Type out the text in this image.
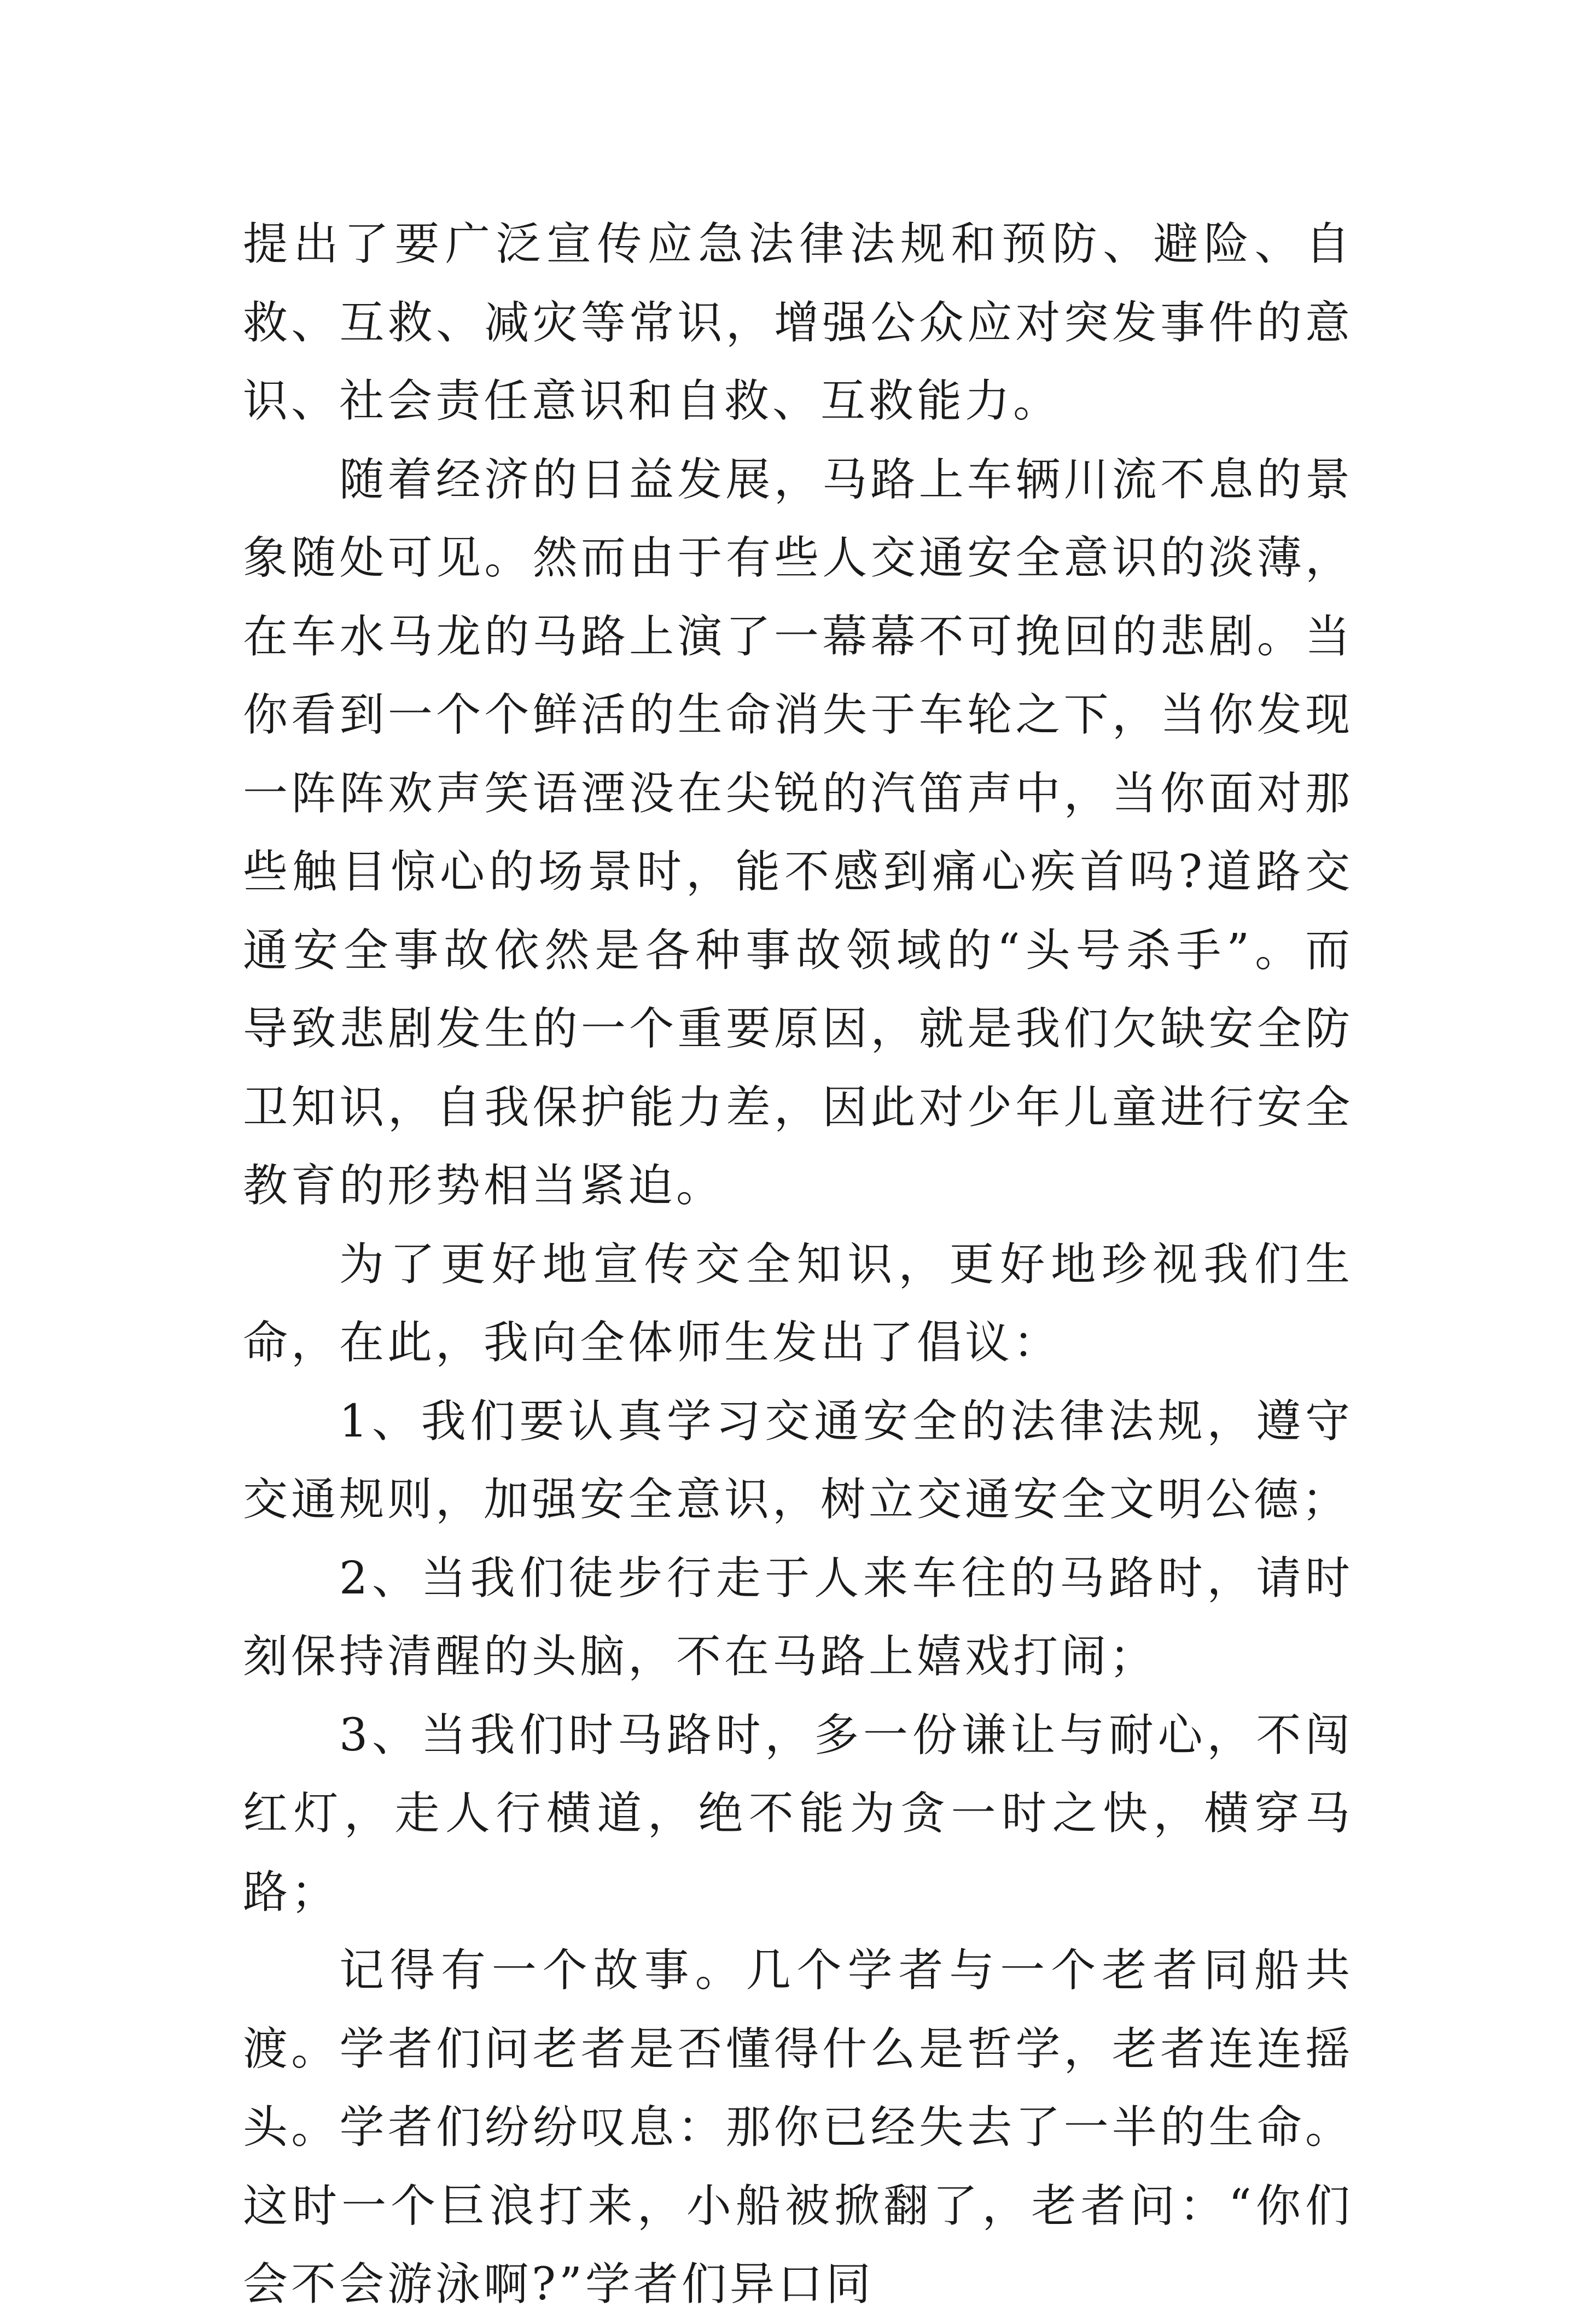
提出了要广泛宣传应急法律法规和预防、避险、自救、互救、减灾等常识，增强公众应对突发事件的意识、社会责任意识和自救、互救能力。

随着经济的日益发展，马路上车辆川流不息的景象随处可见。然而由于有些人交通安全意识的淡薄，在车水马龙的马路上演了一幕幕不可挽回的悲剧。当你看到一个个鲜活的生命消失于车轮之下，当你发现一阵阵欢声笑语湮没在尖锐的汽笛声中，当你面对那些触目惊心的场景时，能不感到痛心疾首吗?道路交通安全事故依然是各种事故领域的“头号杀手”。而导致悲剧发生的一个重要原因，就是我们欠缺安全防卫知识，自我保护能力差，因此对少年儿童进行安全教育的形势相当紧迫。

为了更好地宣传交全知识，更好地珍视我们生命，在此，我向全体师生发出了倡议：

1、我们要认真学习交通安全的法律法规，遵守交通规则，加强安全意识，树立交通安全文明公德；

2、当我们徒步行走于人来车往的马路时，请时刻保持清醒的头脑，不在马路上嬉戏打闹；

3、当我们时马路时，多一份谦让与耐心，不闯红灯，走人行横道，绝不能为贪一时之快，横穿马路；

记得有一个故事。几个学者与一个老者同船共渡。学者们问老者是否懂得什么是哲学，老者连连摇头。学者们纷纷叹息：那你已经失去了一半的生命。这时一个巨浪打来，小船被掀翻了，老者问：“你们会不会游泳啊?”学者们异口同
